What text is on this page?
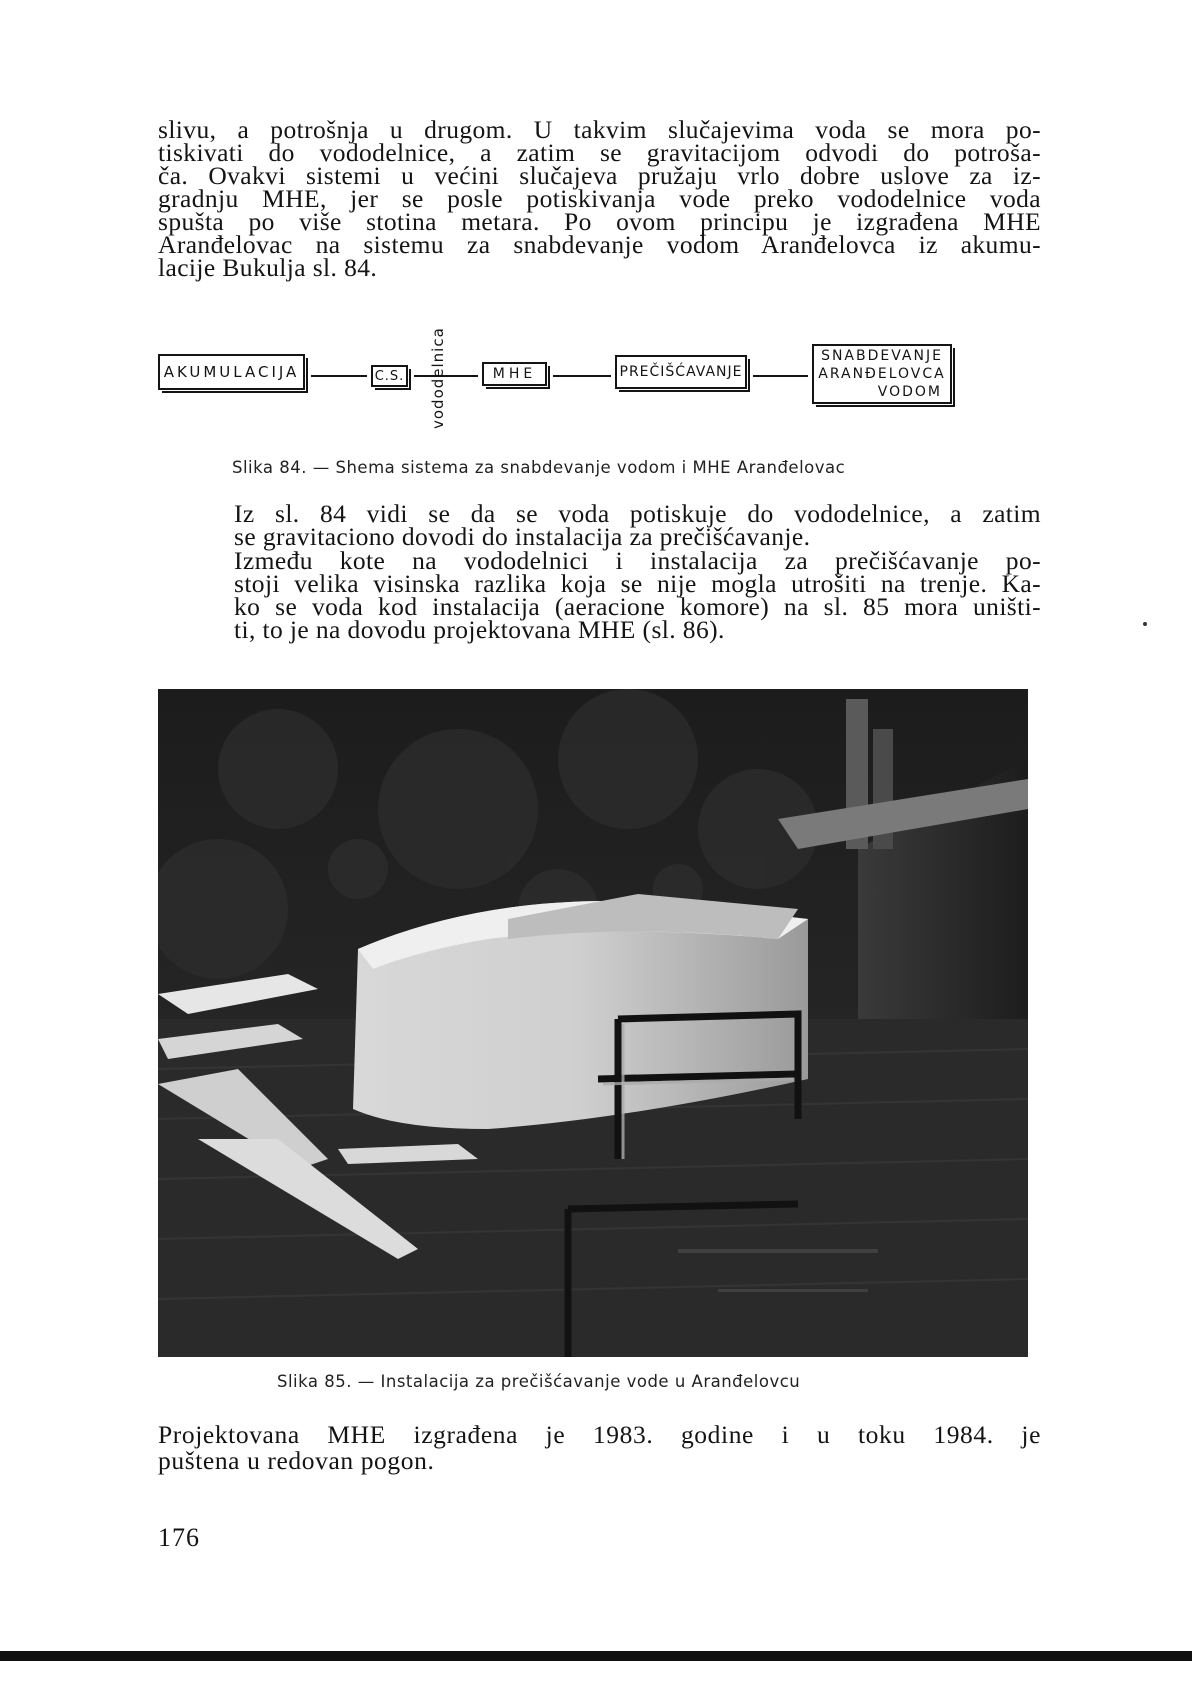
slivu, a potrošnja u drugom. U takvim slučajevima voda se mora po-
tiskivati do vododelnice, a zatim se gravitacijom odvodi do potroša-
ča. Ovakvi sistemi u većini slučajeva pružaju vrlo dobre uslove za iz-
gradnju MHE, jer se posle potiskivanja vode preko vododelnice voda
spušta po više stotina metara. Po ovom principu je izgrađena MHE
Aranđelovac na sistemu za snabdevanje vodom Aranđelovca iz akumu-
lacije Bukulja sl. 84.

AKUMULACIJA	C.S. vododelnica	MHE	PREČIŠĆAVANJE
SNABDEVANJE
ARANĐELOVCA
VODOM
Slika 84. — Shema sistema za snabdevanje vodom i MHE Aranđelovac

Iz sl. 84 vidi se da se voda potiskuje do vododelnice, a zatim
se gravitaciono dovodi do instalacija za prečišćavanje.

Između kote na vododelnici i instalacija za prečišćavanje po-
stoji velika visinska razlika koja se nije mogla utrošiti na trenje. Ka-
ko se voda kod instalacija (aeracione komore) na sl. 85 mora uništi-
ti, to je na dovodu projektovana MHE (sl. 86).

Slika 85. — Instalacija za prečišćavanje vode u Aranđelovcu

Projektovana MHE izgrađena je 1983. godine i u toku 1984. je
puštena u redovan pogon.

176
